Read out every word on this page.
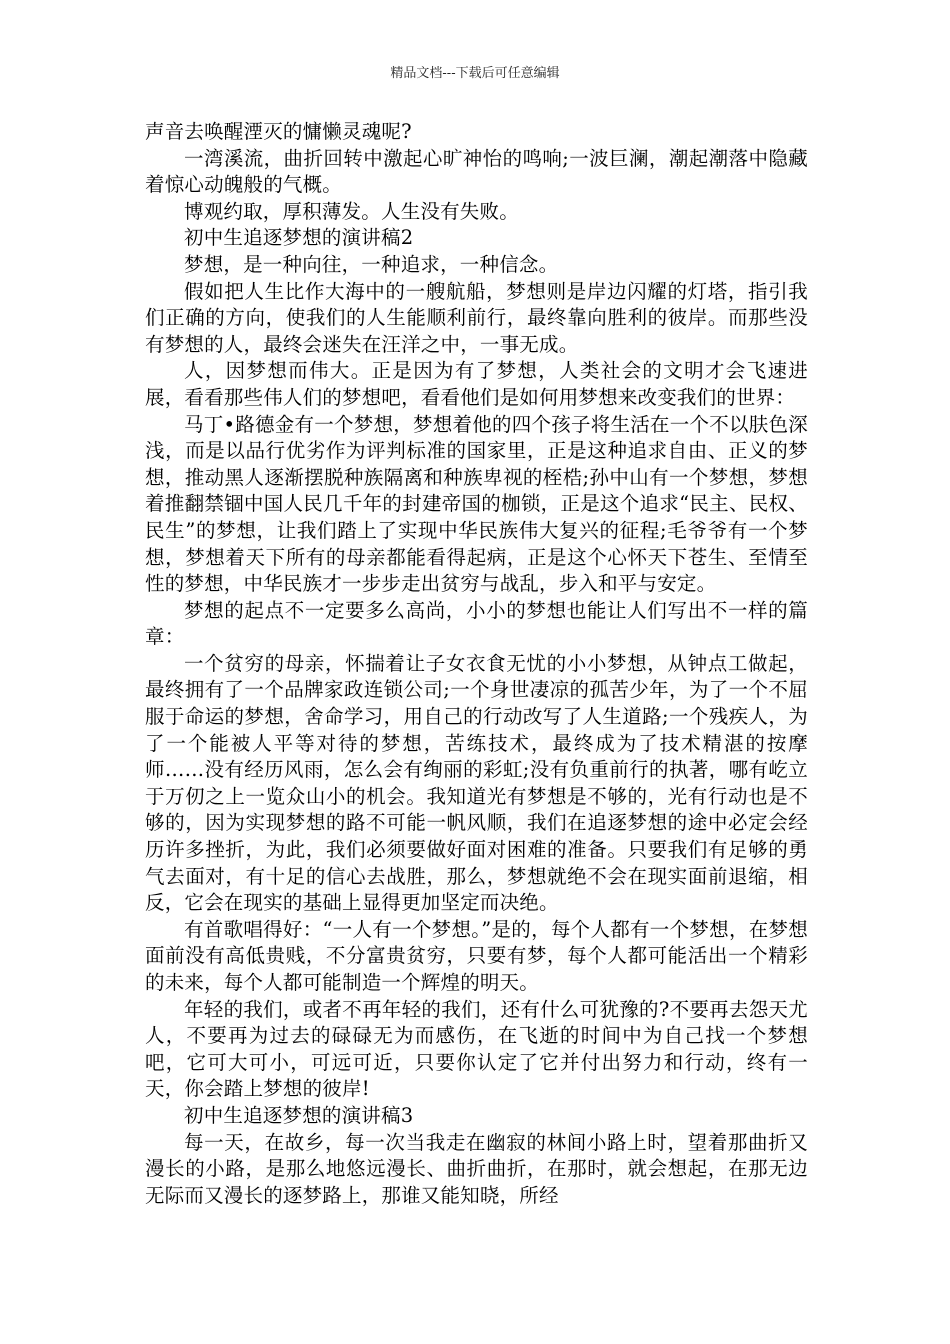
精品文档---下载后可任意编辑

声音去唤醒湮灭的慵懒灵魂呢?

一湾溪流，曲折回转中激起心旷神怡的鸣响;一波巨澜，潮起潮落中隐藏着惊心动魄般的气概。

博观约取，厚积薄发。人生没有失败。

初中生追逐梦想的演讲稿2

梦想，是一种向往，一种追求，一种信念。

假如把人生比作大海中的一艘航船，梦想则是岸边闪耀的灯塔，指引我们正确的方向，使我们的人生能顺利前行，最终靠向胜利的彼岸。而那些没有梦想的人，最终会迷失在汪洋之中，一事无成。

人，因梦想而伟大。正是因为有了梦想，人类社会的文明才会飞速进展，看看那些伟人们的梦想吧，看看他们是如何用梦想来改变我们的世界：

马丁•路德金有一个梦想，梦想着他的四个孩子将生活在一个不以肤色深浅，而是以品行优劣作为评判标准的国家里，正是这种追求自由、正义的梦想，推动黑人逐渐摆脱种族隔离和种族卑视的桎梏;孙中山有一个梦想，梦想着推翻禁锢中国人民几千年的封建帝国的枷锁，正是这个追求“民主、民权、民生”的梦想，让我们踏上了实现中华民族伟大复兴的征程;毛爷爷有一个梦想，梦想着天下所有的母亲都能看得起病，正是这个心怀天下苍生、至情至性的梦想，中华民族才一步步走出贫穷与战乱，步入和平与安定。

梦想的起点不一定要多么高尚，小小的梦想也能让人们写出不一样的篇章：

一个贫穷的母亲，怀揣着让子女衣食无忧的小小梦想，从钟点工做起，最终拥有了一个品牌家政连锁公司;一个身世凄凉的孤苦少年，为了一个不屈服于命运的梦想，舍命学习，用自己的行动改写了人生道路;一个残疾人，为了一个能被人平等对待的梦想，苦练技术，最终成为了技术精湛的按摩师……没有经历风雨，怎么会有绚丽的彩虹;没有负重前行的执著，哪有屹立于万仞之上一览众山小的机会。我知道光有梦想是不够的，光有行动也是不够的，因为实现梦想的路不可能一帆风顺，我们在追逐梦想的途中必定会经历许多挫折，为此，我们必须要做好面对困难的准备。只要我们有足够的勇气去面对，有十足的信心去战胜，那么，梦想就绝不会在现实面前退缩，相反，它会在现实的基础上显得更加坚定而决绝。

有首歌唱得好：“一人有一个梦想。”是的，每个人都有一个梦想，在梦想面前没有高低贵贱，不分富贵贫穷，只要有梦，每个人都可能活出一个精彩的未来，每个人都可能制造一个辉煌的明天。

年轻的我们，或者不再年轻的我们，还有什么可犹豫的?不要再去怨天尤人，不要再为过去的碌碌无为而感伤，在飞逝的时间中为自己找一个梦想吧，它可大可小，可远可近，只要你认定了它并付出努力和行动，终有一天，你会踏上梦想的彼岸!

初中生追逐梦想的演讲稿3

每一天，在故乡，每一次当我走在幽寂的林间小路上时，望着那曲折又漫长的小路，是那么地悠远漫长、曲折曲折，在那时，就会想起，在那无边无际而又漫长的逐梦路上，那谁又能知晓，所经
